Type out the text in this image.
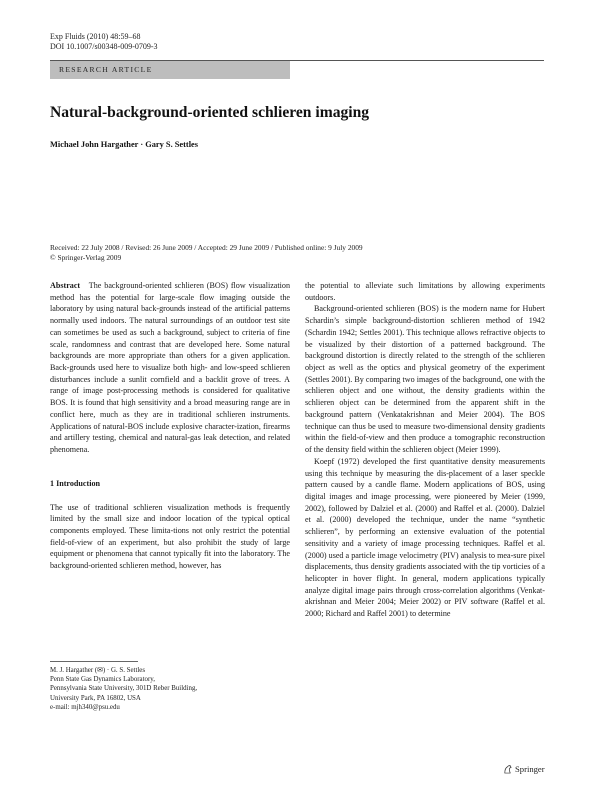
Exp Fluids (2010) 48:59–68
DOI 10.1007/s00348-009-0709-3
RESEARCH ARTICLE
Natural-background-oriented schlieren imaging
Michael John Hargather · Gary S. Settles
Received: 22 July 2008 / Revised: 26 June 2009 / Accepted: 29 June 2009 / Published online: 9 July 2009
© Springer-Verlag 2009

Abstract The background-oriented schlieren (BOS) flow visualization method has the potential for large-scale flow imaging outside the laboratory by using natural back-grounds instead of the artificial patterns normally used indoors. The natural surroundings of an outdoor test site can sometimes be used as such a background, subject to criteria of fine scale, randomness and contrast that are developed here. Some natural backgrounds are more appropriate than others for a given application. Back-grounds used here to visualize both high- and low-speed schlieren disturbances include a sunlit cornfield and a backlit grove of trees. A range of image post-processing methods is considered for qualitative BOS. It is found that high sensitivity and a broad measuring range are in conflict here, much as they are in traditional schlieren instruments. Applications of natural-BOS include explosive character-ization, firearms and artillery testing, chemical and natural-gas leak detection, and related phenomena.

1 Introduction

The use of traditional schlieren visualization methods is frequently limited by the small size and indoor location of the typical optical components employed. These limita-tions not only restrict the potential field-of-view of an experiment, but also prohibit the study of large equipment or phenomena that cannot typically fit into the laboratory. The background-oriented schlieren method, however, has

the potential to alleviate such limitations by allowing experiments outdoors.

Background-oriented schlieren (BOS) is the modern name for Hubert Schardin’s simple background-distortion schlieren method of 1942 (Schardin 1942; Settles 2001). This technique allows refractive objects to be visualized by their distortion of a patterned background. The background distortion is directly related to the strength of the schlieren object as well as the optics and physical geometry of the experiment (Settles 2001). By comparing two images of the background, one with the schlieren object and one without, the density gradients within the schlieren object can be determined from the apparent shift in the background pattern (Venkatakrishnan and Meier 2004). The BOS technique can thus be used to measure two-dimensional density gradients within the field-of-view and then produce a tomographic reconstruction of the density field within the schlieren object (Meier 1999).

Koepf (1972) developed the first quantitative density measurements using this technique by measuring the dis-placement of a laser speckle pattern caused by a candle flame. Modern applications of BOS, using digital images and image processing, were pioneered by Meier (1999, 2002), followed by Dalziel et al. (2000) and Raffel et al. (2000). Dalziel et al. (2000) developed the technique, under the name “synthetic schlieren”, by performing an extensive evaluation of the potential sensitivity and a variety of image processing techniques. Raffel et al. (2000) used a particle image velocimetry (PIV) analysis to mea-sure pixel displacements, thus density gradients associated with the tip vorticies of a helicopter in hover flight. In general, modern applications typically analyze digital image pairs through cross-correlation algorithms (Venkat-akrishnan and Meier 2004; Meier 2002) or PIV software (Raffel et al. 2000; Richard and Raffel 2001) to determine

M. J. Hargather (✉) · G. S. Settles
Penn State Gas Dynamics Laboratory,
Pennsylvania State University, 301D Reber Building,
University Park, PA 16802, USA
e-mail: mjh340@psu.edu
Springer
